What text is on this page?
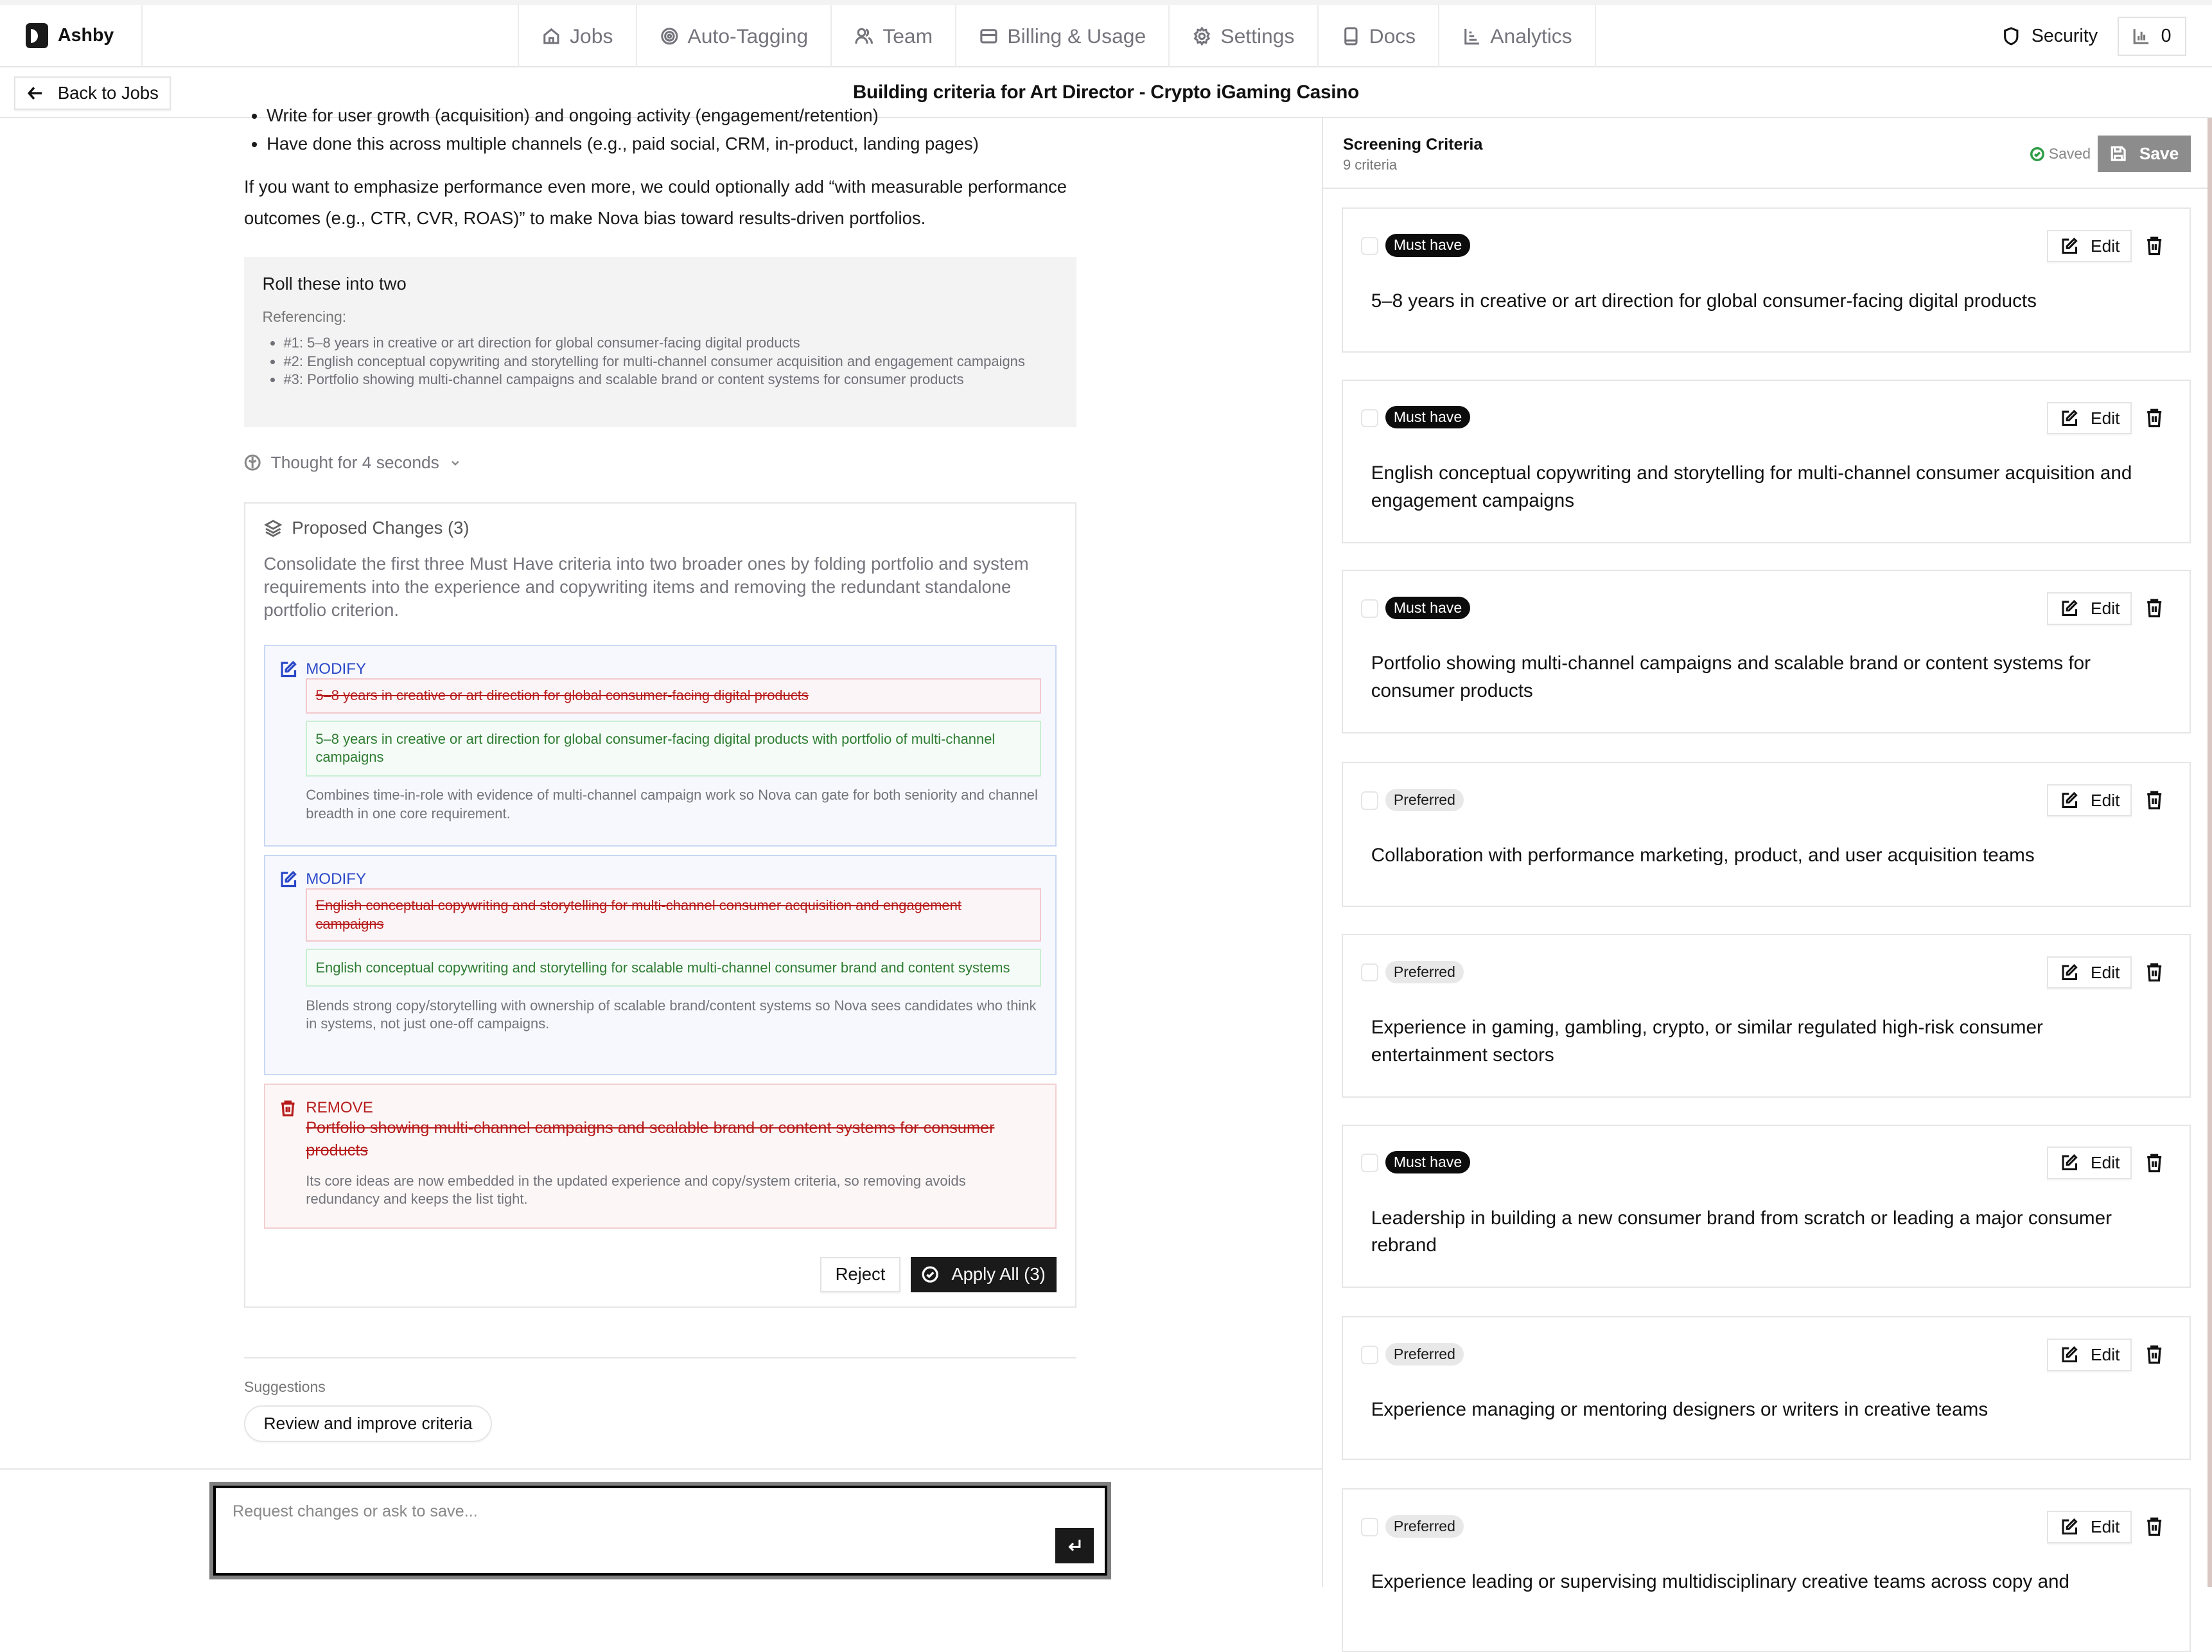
Ashby	Jobs	Auto-Tagging	Team	Billing & Usage	Settings	Docs	Analytics	Security	0
Back to Jobs	Building criteria for Art Director - Crypto iGaming Casino
• Write for user growth (acquisition) and ongoing activity (engagement/retention)
• Have done this across multiple channels (e.g., paid social, CRM, in-product, landing pages)

If you want to emphasize performance even more, we could optionally add “with measurable performance outcomes (e.g., CTR, CVR, ROAS)” to make Nova bias toward results-driven portfolios.

Roll these into two
Referencing:
• #1: 5–8 years in creative or art direction for global consumer-facing digital products
• #2: English conceptual copywriting and storytelling for multi-channel consumer acquisition and engagement campaigns
• #3: Portfolio showing multi-channel campaigns and scalable brand or content systems for consumer products
Thought for 4 seconds
Proposed Changes (3)
Consolidate the first three Must Have criteria into two broader ones by folding portfolio and system requirements into the experience and copywriting items and removing the redundant standalone portfolio criterion.
MODIFY
5–8 years in creative or art direction for global consumer-facing digital products
5–8 years in creative or art direction for global consumer-facing digital products with portfolio of multi-channel campaigns
Combines time-in-role with evidence of multi-channel campaign work so Nova can gate for both seniority and channel breadth in one core requirement.
MODIFY
English conceptual copywriting and storytelling for multi-channel consumer acquisition and engagement campaigns
English conceptual copywriting and storytelling for scalable multi-channel consumer brand and content systems
Blends strong copy/storytelling with ownership of scalable brand/content systems so Nova sees candidates who think in systems, not just one-off campaigns.
REMOVE
Portfolio showing multi-channel campaigns and scalable brand or content systems for consumer products
Its core ideas are now embedded in the updated experience and copy/system criteria, so removing avoids redundancy and keeps the list tight.
Reject	Apply All (3)
Suggestions
Review and improve criteria
Request changes or ask to save...
Screening Criteria
9 criteria
Saved	Save
Must have	Edit
5–8 years in creative or art direction for global consumer-facing digital products
Must have	Edit
English conceptual copywriting and storytelling for multi-channel consumer acquisition and engagement campaigns
Must have	Edit
Portfolio showing multi-channel campaigns and scalable brand or content systems for consumer products
Preferred	Edit
Collaboration with performance marketing, product, and user acquisition teams
Preferred	Edit
Experience in gaming, gambling, crypto, or similar regulated high-risk consumer entertainment sectors
Must have	Edit
Leadership in building a new consumer brand from scratch or leading a major consumer rebrand
Preferred	Edit
Experience managing or mentoring designers or writers in creative teams
Preferred	Edit
Experience leading or supervising multidisciplinary creative teams across copy and
